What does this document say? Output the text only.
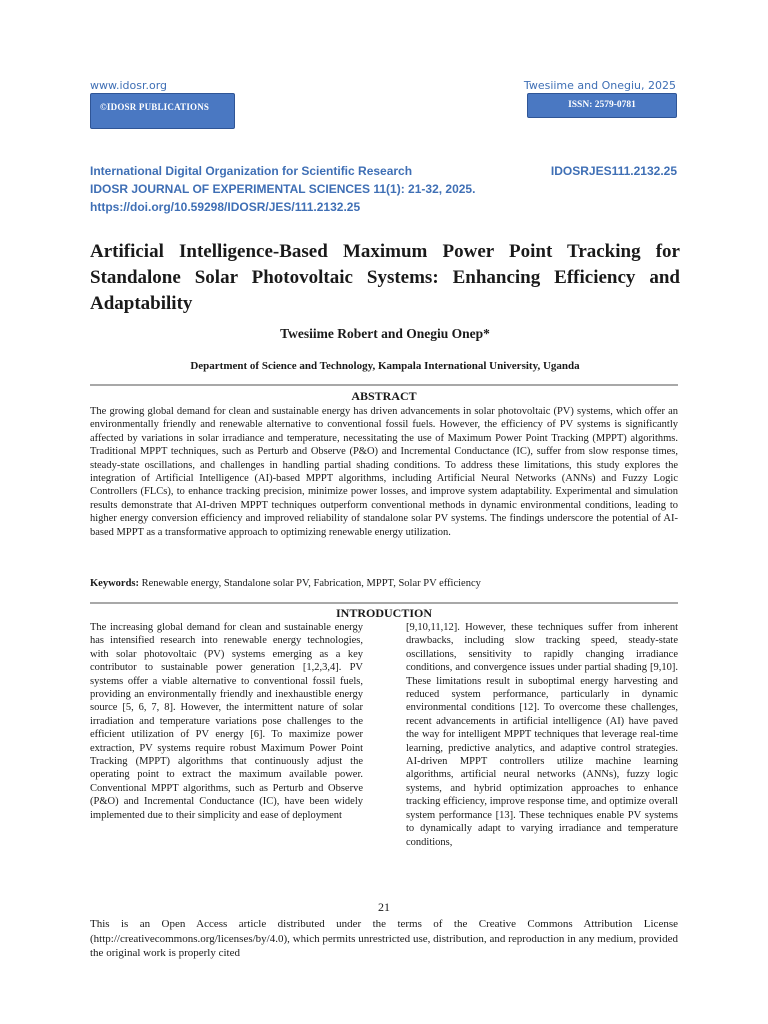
www.idosr.org
©IDOSR PUBLICATIONS
Twesiime and Onegiu, 2025
ISSN: 2579-0781
International Digital Organization for Scientific Research
IDOSR JOURNAL OF EXPERIMENTAL SCIENCES 11(1): 21-32, 2025.
https://doi.org/10.59298/IDOSR/JES/111.2132.25
IDOSRJES111.2132.25
Artificial Intelligence-Based Maximum Power Point Tracking for Standalone Solar Photovoltaic Systems: Enhancing Efficiency and Adaptability
Twesiime Robert and Onegiu Onep*
Department of Science and Technology, Kampala International University, Uganda
ABSTRACT
The growing global demand for clean and sustainable energy has driven advancements in solar photovoltaic (PV) systems, which offer an environmentally friendly and renewable alternative to conventional fossil fuels. However, the efficiency of PV systems is significantly affected by variations in solar irradiance and temperature, necessitating the use of Maximum Power Point Tracking (MPPT) algorithms. Traditional MPPT techniques, such as Perturb and Observe (P&O) and Incremental Conductance (IC), suffer from slow response times, steady-state oscillations, and challenges in handling partial shading conditions. To address these limitations, this study explores the integration of Artificial Intelligence (AI)-based MPPT algorithms, including Artificial Neural Networks (ANNs) and Fuzzy Logic Controllers (FLCs), to enhance tracking precision, minimize power losses, and improve system adaptability. Experimental and simulation results demonstrate that AI-driven MPPT techniques outperform conventional methods in dynamic environmental conditions, leading to higher energy conversion efficiency and improved reliability of standalone solar PV systems. The findings underscore the potential of AI-based MPPT as a transformative approach to optimizing renewable energy utilization.
Keywords: Renewable energy, Standalone solar PV, Fabrication, MPPT, Solar PV efficiency
INTRODUCTION
The increasing global demand for clean and sustainable energy has intensified research into renewable energy technologies, with solar photovoltaic (PV) systems emerging as a key contributor to sustainable power generation [1,2,3,4]. PV systems offer a viable alternative to conventional fossil fuels, providing an environmentally friendly and inexhaustible energy source [5, 6, 7, 8]. However, the intermittent nature of solar irradiation and temperature variations pose challenges to the efficient utilization of PV energy [6]. To maximize power extraction, PV systems require robust Maximum Power Point Tracking (MPPT) algorithms that continuously adjust the operating point to extract the maximum available power. Conventional MPPT algorithms, such as Perturb and Observe (P&O) and Incremental Conductance (IC), have been widely implemented due to their simplicity and ease of deployment
[9,10,11,12]. However, these techniques suffer from inherent drawbacks, including slow tracking speed, steady-state oscillations, sensitivity to rapidly changing irradiance conditions, and convergence issues under partial shading [9,10]. These limitations result in suboptimal energy harvesting and reduced system performance, particularly in dynamic environmental conditions [12]. To overcome these challenges, recent advancements in artificial intelligence (AI) have paved the way for intelligent MPPT techniques that leverage real-time learning, predictive analytics, and adaptive control strategies. AI-driven MPPT controllers utilize machine learning algorithms, artificial neural networks (ANNs), fuzzy logic systems, and hybrid optimization approaches to enhance tracking efficiency, improve response time, and optimize overall system performance [13]. These techniques enable PV systems to dynamically adapt to varying irradiance and temperature conditions,
21
This is an Open Access article distributed under the terms of the Creative Commons Attribution License (http://creativecommons.org/licenses/by/4.0), which permits unrestricted use, distribution, and reproduction in any medium, provided the original work is properly cited
